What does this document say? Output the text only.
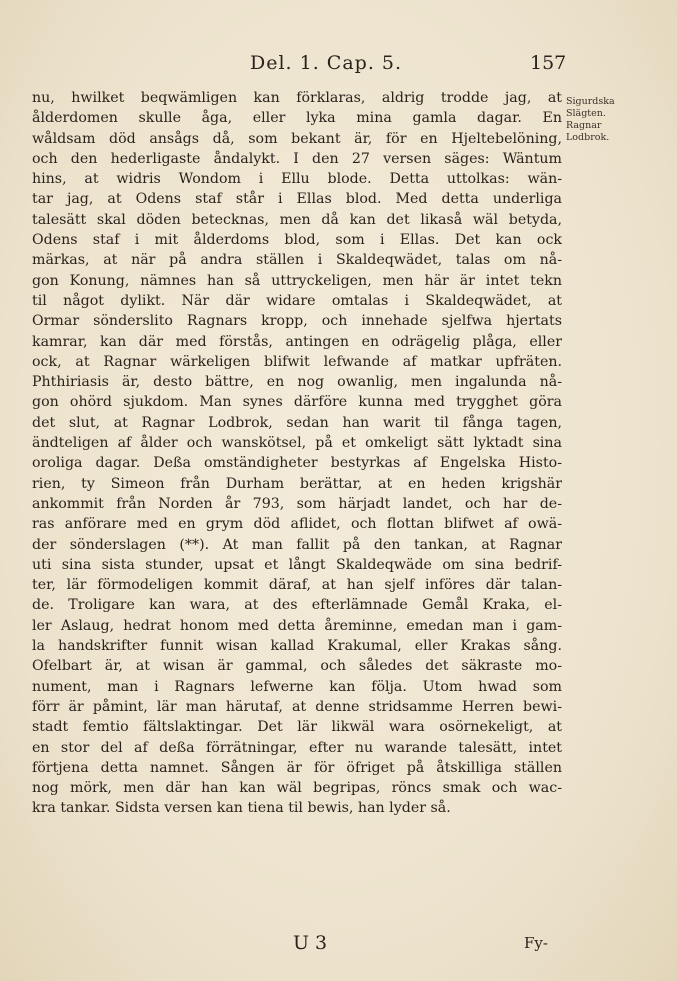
Del. 1. Cap. 5.	157
Sigurdska
Slägten.
Ragnar
Lodbrok.
nu, hwilket beqwämligen kan förklaras, aldrig trodde jag, at
ålderdomen skulle åga, eller lyka mina gamla dagar. En
wåldsam död ansågs då, som bekant är, för en Hjeltebelöning,
och den hederligaste åndalykt. I den 27 versen säges: Wäntum
hins, at widris Wondom i Ellu blode. Detta uttolkas: wän-
tar jag, at Odens staf står i Ellas blod. Med detta underliga
talesätt skal döden betecknas, men då kan det likaså wäl betyda,
Odens staf i mit ålderdoms blod, som i Ellas. Det kan ock
märkas, at när på andra ställen i Skaldeqwädet, talas om nå-
gon Konung, nämnes han så uttryckeligen, men här är intet tekn
til något dylikt. När där widare omtalas i Skaldeqwädet, at
Ormar sönderslito Ragnars kropp, och innehade sjelfwa hjertats
kamrar, kan där med förstås, antingen en odrägelig plåga, eller
ock, at Ragnar wärkeligen blifwit lefwande af matkar upfräten.
Phthiriasis är, desto bättre, en nog owanlig, men ingalunda nå-
gon ohörd sjukdom. Man synes därföre kunna med trygghet göra
det slut, at Ragnar Lodbrok, sedan han warit til fånga tagen,
ändteligen af ålder och wanskötsel, på et omkeligt sätt lyktadt sina
oroliga dagar. Deßa omständigheter bestyrkas af Engelska Histo-
rien, ty Simeon från Durham berättar, at en heden krigshär
ankommit från Norden år 793, som härjadt landet, och har de-
ras anförare med en grym död aflidet, och flottan blifwet af owä-
der sönderslagen (**). At man fallit på den tankan, at Ragnar
uti sina sista stunder, upsat et långt Skaldeqwäde om sina bedrif-
ter, lär förmodeligen kommit däraf, at han sjelf införes där talan-
de. Troligare kan wara, at des efterlämnade Gemål Kraka, el-
ler Aslaug, hedrat honom med detta åreminne, emedan man i gam-
la handskrifter funnit wisan kallad Krakumal, eller Krakas sång.
Ofelbart är, at wisan är gammal, och således det säkraste mo-
nument, man i Ragnars lefwerne kan följa. Utom hwad som
förr är påmint, lär man härutaf, at denne stridsamme Herren bewi-
stadt femtio fältslaktingar. Det lär likwäl wara osörnekeligt, at
en stor del af deßa förrätningar, efter nu warande talesätt, intet
förtjena detta namnet. Sången är för öfriget på åtskilliga ställen
nog mörk, men där han kan wäl begripas, röncs smak och wac-
kra tankar. Sidsta versen kan tiena til bewis, han lyder så.
U 3	Fy-
